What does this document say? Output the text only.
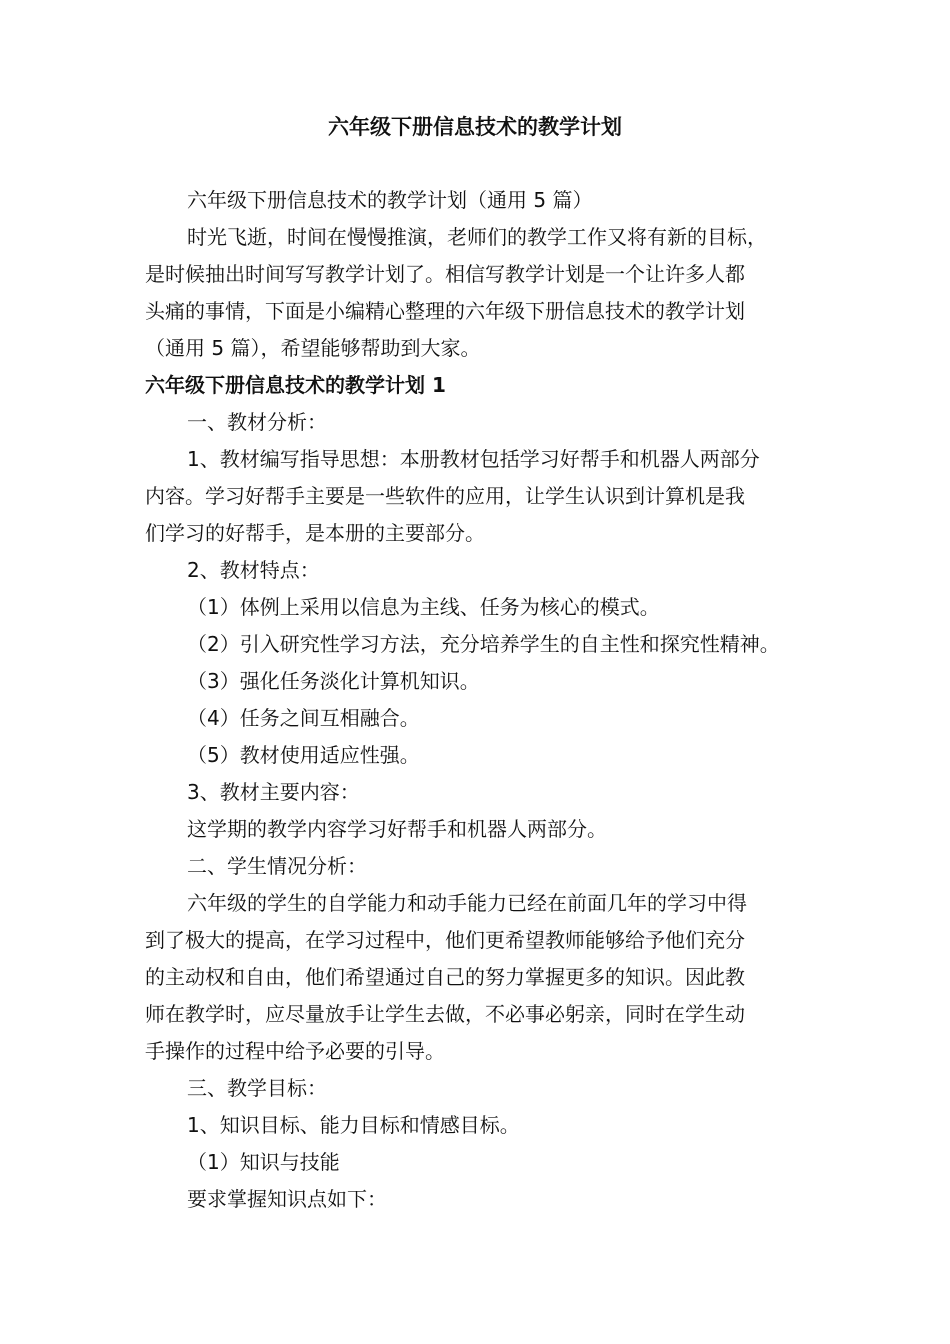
六年级下册信息技术的教学计划

六年级下册信息技术的教学计划（通用 5 篇）

时光飞逝，时间在慢慢推演，老师们的教学工作又将有新的目标，

是时候抽出时间写写教学计划了。相信写教学计划是一个让许多人都

头痛的事情，下面是小编精心整理的六年级下册信息技术的教学计划

（通用 5 篇），希望能够帮助到大家。

六年级下册信息技术的教学计划 1

一、教材分析：

1、教材编写指导思想：本册教材包括学习好帮手和机器人两部分

内容。学习好帮手主要是一些软件的应用，让学生认识到计算机是我

们学习的好帮手，是本册的主要部分。

2、教材特点：

（1）体例上采用以信息为主线、任务为核心的模式。

（2）引入研究性学习方法，充分培养学生的自主性和探究性精神。

（3）强化任务淡化计算机知识。

（4）任务之间互相融合。

（5）教材使用适应性强。

3、教材主要内容：

这学期的教学内容学习好帮手和机器人两部分。

二、学生情况分析：

六年级的学生的自学能力和动手能力已经在前面几年的学习中得

到了极大的提高，在学习过程中，他们更希望教师能够给予他们充分

的主动权和自由，他们希望通过自己的努力掌握更多的知识。因此教

师在教学时，应尽量放手让学生去做，不必事必躬亲，同时在学生动

手操作的过程中给予必要的引导。

三、教学目标：

1、知识目标、能力目标和情感目标。

（1）知识与技能

要求掌握知识点如下：
